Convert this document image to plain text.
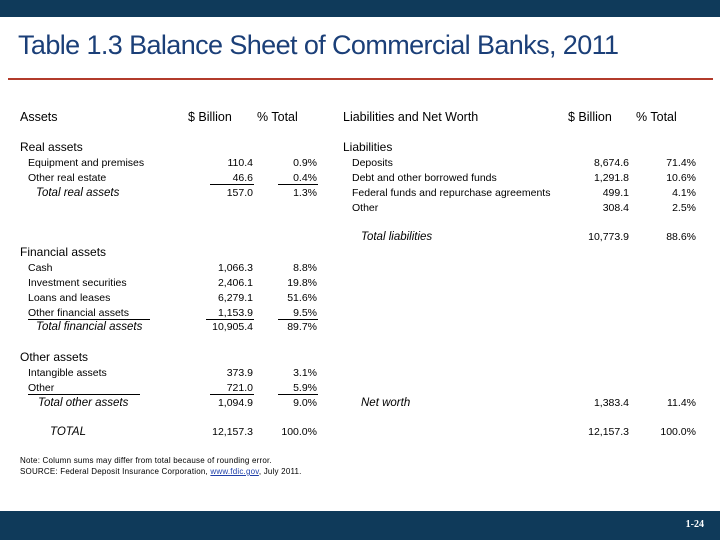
Table 1.3 Balance Sheet of Commercial Banks, 2011
Assets	$ Billion % Total	Liabilities and Net Worth	$ Billion % Total
Real assets
Equipment and premises	110.4	0.9%
Other real estate	46.6	0.4%
Total real assets	157.0	1.3%
Financial assets
Cash	1,066.3	8.8%
Investment securities	2,406.1	19.8%
Loans and leases	6,279.1	51.6%
Other financial assets	1,153.9	9.5%
Total financial assets	10,905.4	89.7%
Other assets
Intangible assets	373.9	3.1%
Other	721.0	5.9%
Total other assets	1,094.9	9.0%
TOTAL	12,157.3	100.0%
Liabilities
Deposits	8,674.6	71.4%
Debt and other borrowed funds	1,291.8	10.6%
Federal funds and repurchase agreements	499.1	4.1%
Other	308.4	2.5%
Total liabilities	10,773.9	88.6%
Net worth	1,383.4	11.4%
12,157.3	100.0%
Note: Column sums may differ from total because of rounding error.
SOURCE: Federal Deposit Insurance Corporation, www.fdic.gov, July 2011.
1-24
